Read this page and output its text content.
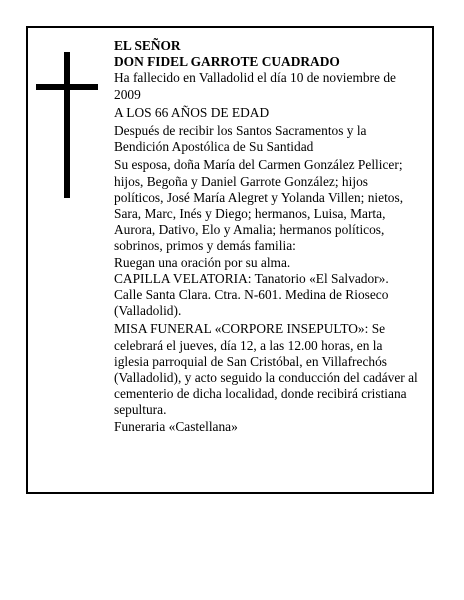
EL SEÑOR

DON FIDEL GARROTE CUADRADO

Ha fallecido en Valladolid el día 10 de noviembre de 2009

A LOS 66 AÑOS DE EDAD

Después de recibir los Santos Sacramentos y la Bendición Apostólica de Su Santidad

Su esposa, doña María del Carmen González Pellicer; hijos, Begoña y Daniel Garrote González; hijos políticos, José María Alegret y Yolanda Villen; nietos, Sara, Marc, Inés y Diego; hermanos, Luisa, Marta, Aurora, Dativo, Elo y Amalia; hermanos políticos, sobrinos, primos y demás familia:

Ruegan una oración por su alma.

CAPILLA VELATORIA: Tanatorio «El Salvador». Calle Santa Clara. Ctra. N-601. Medina de Rioseco (Valladolid).

MISA FUNERAL «CORPORE INSEPULTO»: Se celebrará el jueves, día 12, a las 12.00 horas, en la iglesia parroquial de San Cristóbal, en Villafrechós (Valladolid), y acto seguido la conducción del cadáver al cementerio de dicha localidad, donde recibirá cristiana sepultura.

Funeraria «Castellana»
